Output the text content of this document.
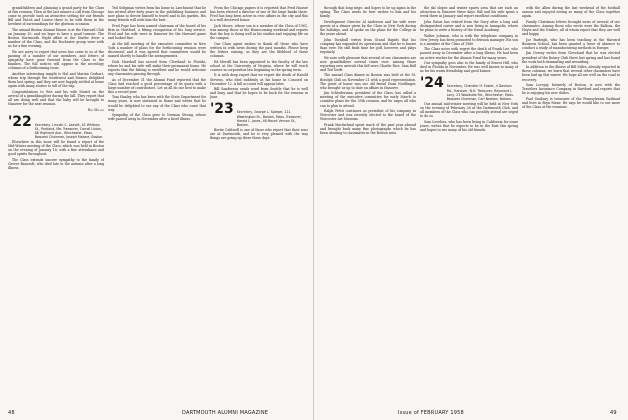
grandchildren and planning a grand party for the Class at this reunion, Then at the last minute a call from Chicago came to provide such an attractive setting for our friends Bill and Dutch and Louise there to be with them in the loveliest of surroundings for the glorious occasion.

The annual Boston Alumni Dinner is at the Harvard Club on January 30, and we hope to have a good turnout. The Boston Dartmouth Night affair at the Statler drew a number of the Class, and the Rochester group were with us for a fine evening.

We are sorry to report that news has come to us of the passing of a number of our members, and letters of sympathy have gone forward from the Class to the families. The full notices will appear in the necrology columns of a forthcoming issue.

Another interesting insight is Hal and Marian Gerhart, whose trip through the Southwest and Mexico delighted them last spring, and they are now happily settled at home again with many stories to tell of the trip.

Congratulations to Wes and his wife Muriel on the arrival of a granddaughter during the fall. They report that all are doing well and that the baby will be brought to Hanover for the next reunion.

Roy Miller
'22 Secretary, Lincoln C. Leavitt, 42 Whitney St., Portland, Me. Treasurer, Carroll Liston, 88 Highland Ave., Winchester, Mass. Bequest Chairman, Joseph Malone, Boston.

Elsewhere in this issue will be found a report of the Mid-Winter meeting of the Class, which was held in Boston on the evening of January 18, with a fine attendance and good spirits throughout.

The Class extends sincere sympathy to the family of Grover Bancroft, who died late in the autumn after a long illness.

Ted Seligman writes from his home in Larchmont that he has retired after forty years in the publishing business and now plans to devote himself to travel and to his garden. His many friends will wish him the best.

Fred Pope has been named chairman of the board of his firm in Hartford, a fitting recognition of his long service. Fred and his wife were in Hanover for the Harvard game and looked fine.

At the fall meeting of the executive committee in New York a number of plans for the forthcoming reunion were discussed, and it was agreed that committees would be named shortly to handle the arrangements.

Dick Marshall has moved from Cleveland to Florida, where he and his wife will make their permanent home. He reports that the fishing is excellent and he would welcome any classmates passing through.

As of December 31 the Alumni Fund reported that the Class had reached a good percentage of its quota with a large number of contributors. Let us all do our best to make this a record year.

Tom Hanley, who has been with the State Department for many years, is now stationed in Rome and writes that he would be delighted to see any of the Class who come that way.

Sympathy of the Class goes to Norman Strong, whose wife passed away in November after a brief illness.

From the Chicago papers it is reported that Fred Hauser has been elected a director of one of the large banks there. Fred has long been active in civic affairs in the city and this is a well deserved honor.

Jack Moore, whose son is a member of the Class of 1961, was among those at the Homecoming weekend and reports that the boy is doing well in his studies and enjoying life on the campus.

Our Class agent wishes to thank all those who have written in with news during the past months. Please keep the letters coming, as they are the lifeblood of these columns.

Ed Merrill has been appointed to the faculty of the law school at the University of Virginia, where he will teach courses in corporation law beginning in the spring term.

It is with deep regret that we report the death of Harold Stevens, who died suddenly at his home in Concord on December 12. A full account will appear later.

Bill Sanderson sends word from Seattle that he is well and busy, and that he hopes to be back for the reunion in June.

'23 Secretary, George L. Spiegel, 111 Washington St., Boston, Mass. Treasurer, Harold L. Jones, 46 Mount Vernon St., Boston.

Bertie Caldwell is one of those who report that their sons are at Dartmouth, and he is very pleased with the way things are going up there these days.

48	DARTMOUTH ALUMNI MAGAZINE

through that long siege, and hopes to be up again in the spring. The Class sends its best wishes to him and his family.

Development Director Al Anderson and his wife were guests at a dinner given by the Class in New York during the holidays, and Al spoke on the plans for the College in the years ahead.

John Turnbull writes from Grand Rapids that his company has expanded its operations and that he is busier than ever. He still finds time for golf, however, and plays regularly.

We note with pleasure that several of our classmates are now grandfathers several times over. Among those reporting new arrivals this fall were Charlie Rice, Sam Ball and Ted Swift.

The annual Class dinner in Boston was held at the St. Botolph Club on November 21 with a good representation. The guest of honor was our old friend Dean Neidlinger, who brought us up to date on affairs in Hanover.

Jim Schluderman, president of the Class, has called a meeting of the executive committee for early March to consider plans for the 35th reunion, and he urges all who can to plan to attend.

Ralph Pettit continues as president of his company in Worcester and was recently elected to the board of the Worcester Art Museum.

Frank Macfarland spent much of the past year abroad and brought back many fine photographs which he has been showing to classmates in the Boston area.

the ski slopes and winter sports area that are such an attraction in Hanover these days. Bill and his wife spent a week there in January and report excellent conditions.

John Eaton has retired from the Navy after a long and distinguished career and is now living in Annapolis, where he plans to write a history of the Naval Academy.

Walter Johnson, who is with the telephone company in New Jersey, has been promoted to division manager. His son is a member of the Class of 1960.

The Class notes with regret the death of Frank Lee, who passed away in December after a long illness. He had been an active worker for the Alumni Fund for many years.

Our sympathy goes also to the family of Ernest Hill, who died in Florida in November. He was well known to many of us for his warm friendship and good humor.

'24 Secretary, Chandler H. Foster, 4 Davison Rd., Hanover, N.H. Treasurer, Raymond J. Lacy, 23 Woodside Rd., Winchester, Mass. Bequest Chairman, Carl Newton, Boston.

Our annual mid-winter meeting will be held in New York on the evening of February 26 at the Dartmouth Club, and all members of the Class who can possibly attend are urged to do so.

Sam Loveless, who has been living in California for some years, writes that he expects to be in the East this spring and hopes to see many of his old friends.

with the Allen during the last weekend of the football season and enjoyed seeing so many of the Class together again.

Family Christmas letters brought news of several of our classmates. Among those who wrote were the Ballous, the Hoyts and the Nashes, all of whom report that they are well and happy.

Joe Burleigh, who has been teaching at the Harvard Business School, has been granted a leave of absence to conduct a study of manufacturing methods in Europe.

Jim Dorsey writes from Cleveland that he was elected president of the Rotary Club there last spring and has found the work both demanding and rewarding.

In addition to the illness of Bill Stiles, already reported in these columns, we learn that several other classmates have been laid up this winter. We hope all are well on the road to recovery.

Sam Lovejoy, formerly of Boston, is now with the Travelers Insurance Company in Hartford and reports that he is enjoying his new duties.

Paul Seabury is treasurer of the Pennsylvania Railroad and lives in Bryn Mawr. He says he would like to see more of the Class at the reunions.

Issue of FEBRUARY 1958	49
